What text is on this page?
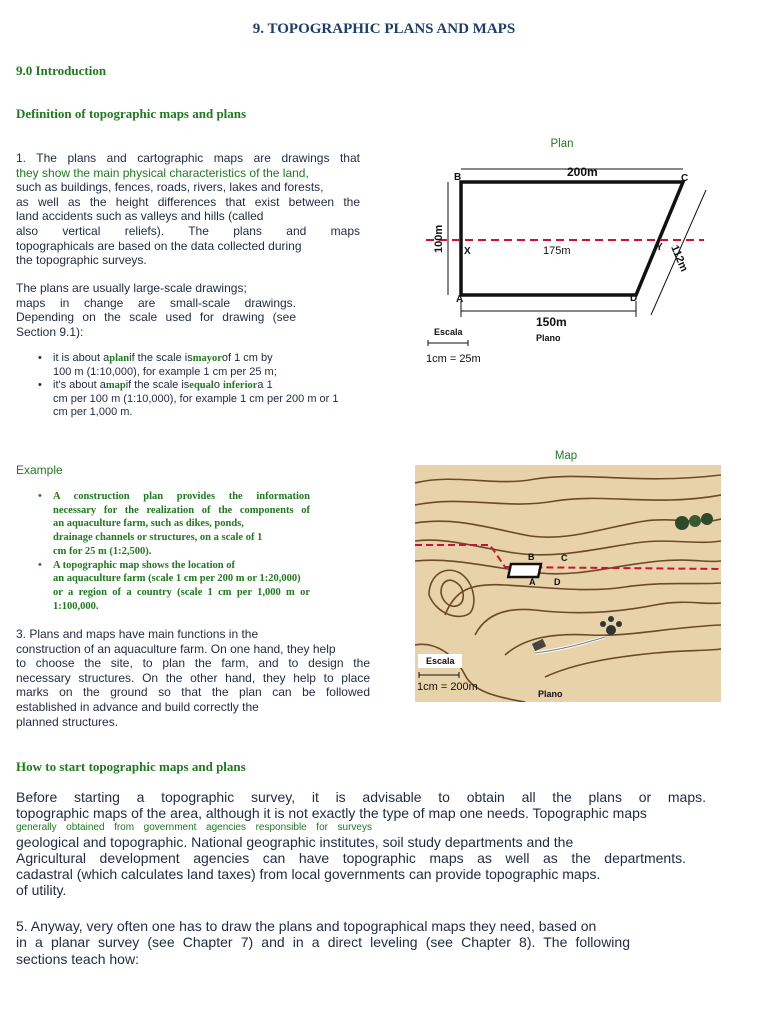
9. TOPOGRAPHIC PLANS AND MAPS
9.0 Introduction
Definition of topographic maps and plans
1. The plans and cartographic maps are drawings that
they show the main physical characteristics of the land,
such as buildings, fences, roads, rivers, lakes and forests,
as well as the height differences that exist between the
land accidents such as valleys and hills (called
also vertical reliefs). The plans and maps
topographicals are based on the data collected during
the topographic surveys.
The plans are usually large-scale drawings;
maps in change are small-scale drawings.
Depending on the scale used for drawing (see
Section 9.1):
• it is about aplanif the scale ismayorof 1 cm by
100 m (1:10,000), for example 1 cm per 25 m;
• it's about amapif the scale isequalo inferiora 1
cm per 100 m (1:10,000), for example 1 cm per 200 m or 1
cm per 1,000 m.
Example
• A construction plan provides the information
necessary for the realization of the components of
an aquaculture farm, such as dikes, ponds,
drainage channels or structures, on a scale of 1
cm for 25 m (1:2,500).
• A topographic map shows the location of
an aquaculture farm (scale 1 cm per 200 m or 1:20,000)
or a region of a country (scale 1 cm per 1,000 m or
1:100,000.
3. Plans and maps have main functions in the
construction of an aquaculture farm. On one hand, they help
to choose the site, to plan the farm, and to design the
necessary structures. On the other hand, they help to place
marks on the ground so that the plan can be followed
established in advance and build correctly the
planned structures.
How to start topographic maps and plans
Before starting a topographic survey, it is advisable to obtain all the plans or maps.
topographic maps of the area, although it is not exactly the type of map one needs. Topographic maps
generally obtained from government agencies responsible for surveys
geological and topographic. National geographic institutes, soil study departments and the
Agricultural development agencies can have topographic maps as well as the departments.
cadastral (which calculates land taxes) from local governments can provide topographic maps.
of utility.
5. Anyway, very often one has to draw the plans and topographical maps they need, based on
in a planar survey (see Chapter 7) and in a direct leveling (see Chapter 8). The following
sections teach how:
Plan
200m
175m
150m
100m
112m
B	C
A	D
X	Y
Escala
1cm = 25m
Plano
Map
B	C
A D
Escala
1cm = 200m
Plano
